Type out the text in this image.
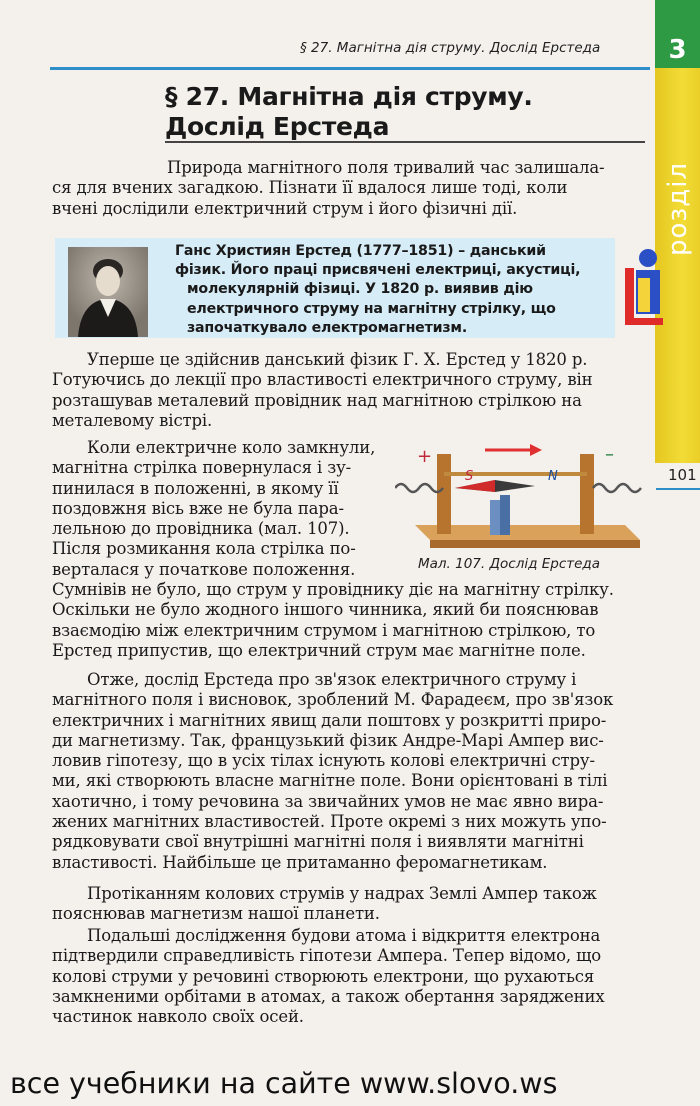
§ 27. Магнітна дія струму. Дослід Ерстеда	3
розділ
101
§ 27. Магнітна дія струму.
Дослід Ерстеда
Природа магнітного поля тривалий час залишала-
ся для вчених загадкою. Пізнати її вдалося лише тоді, коли
вчені дослідили електричний струм і його фізичні дії.
Ганс Християн Ерстед (1777–1851) – данський
фізик. Його праці присвячені електриці, акустиці,
молекулярній фізиці. У 1820 р. виявив дію
електричного струму на магнітну стрілку, що
започаткувало електромагнетизм.
Уперше це здійснив данський фізик Г. Х. Ерстед у 1820 р.
Готуючись до лекції про властивості електричного струму, він
розташував металевий провідник над магнітною стрілкою на
металевому вістрі.
Коли електричне коло замкнули,
магнітна стрілка повернулася і зу-
пинилася в положенні, в якому її
поздовжня вісь вже не була пара-
лельною до провідника (мал. 107).
Після розмикання кола стрілка по-
верталася у початкове положення.
+	–
S	N
Мал. 107. Дослід Ерстеда
Сумнівів не було, що струм у провіднику діє на магнітну стрілку.
Оскільки не було жодного іншого чинника, який би пояснював
взаємодію між електричним струмом і магнітною стрілкою, то
Ерстед припустив, що електричний струм має магнітне поле.
Отже, дослід Ерстеда про зв'язок електричного струму і
магнітного поля і висновок, зроблений М. Фарадеєм, про зв'язок
електричних і магнітних явищ дали поштовх у розкритті приро-
ди магнетизму. Так, французький фізик Андре-Марі Ампер вис-
ловив гіпотезу, що в усіх тілах існують колові електричні стру-
ми, які створюють власне магнітне поле. Вони орієнтовані в тілі
хаотично, і тому речовина за звичайних умов не має явно вира-
жених магнітних властивостей. Проте окремі з них можуть упо-
рядковувати свої внутрішні магнітні поля і виявляти магнітні
властивості. Найбільше це притаманно феромагнетикам.
Протіканням колових струмів у надрах Землі Ампер також
пояснював магнетизм нашої планети.
Подальші дослідження будови атома і відкриття електрона
підтвердили справедливість гіпотези Ампера. Тепер відомо, що
колові струми у речовині створюють електрони, що рухаються
замкненими орбітами в атомах, а також обертання заряджених
частинок навколо своїх осей.
все учебники на сайте www.slovo.ws
